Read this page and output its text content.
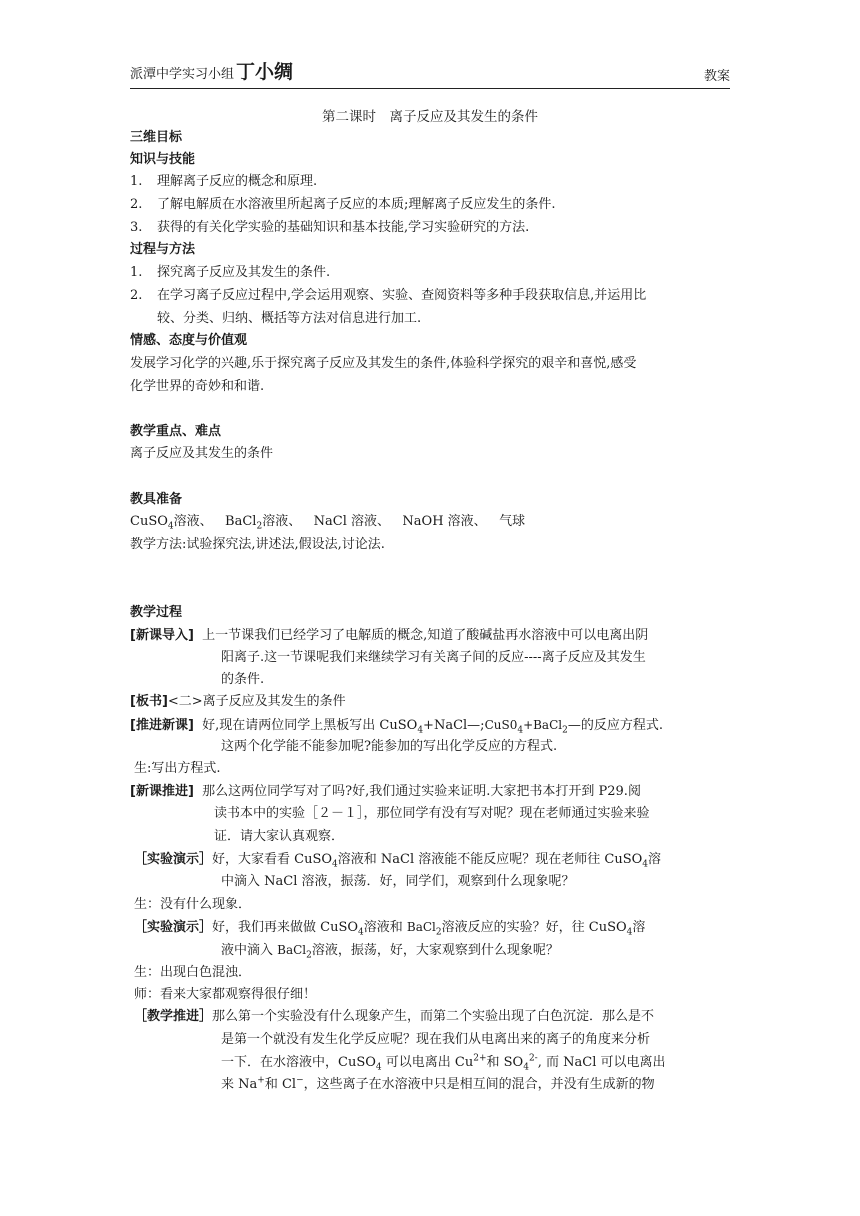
派潭中学实习小组 丁小绸	教案
第二课时　离子反应及其发生的条件
三维目标
知识与技能
1. 理解离子反应的概念和原理.
2. 了解电解质在水溶液里所起离子反应的本质;理解离子反应发生的条件.
3. 获得的有关化学实验的基础知识和基本技能,学习实验研究的方法.
过程与方法
1. 探究离子反应及其发生的条件.
2. 在学习离子反应过程中,学会运用观察、实验、查阅资料等多种手段获取信息,并运用比
较、分类、归纳、概括等方法对信息进行加工.
情感、态度与价值观
发展学习化学的兴趣,乐于探究离子反应及其发生的条件,体验科学探究的艰辛和喜悦,感受
化学世界的奇妙和和谐.
教学重点、难点
离子反应及其发生的条件
教具准备
CuSO$_4$溶液、 BaCl$_2$溶液、 NaCl 溶液、 NaOH 溶液、 气球
教学方法:试验探究法,讲述法,假设法,讨论法.
教学过程
[新课导入] 上一节课我们已经学习了电解质的概念,知道了酸碱盐再水溶液中可以电离出阴
阳离子.这一节课呢我们来继续学习有关离子间的反应----离子反应及其发生
的条件.
[板书]<二>离子反应及其发生的条件
[推进新课] 好,现在请两位同学上黑板写出 $CuSO_4+NaCl—;CuS0_4+BaCl_2—$的反应方程式.
这两个化学能不能参加呢?能参加的写出化学反应的方程式.
生:写出方程式.
[新课推进] 那么这两位同学写对了吗?好,我们通过实验来证明.大家把书本打开到 P29.阅
读书本中的实验［２－１］，那位同学有没有写对呢？现在老师通过实验来验
证．请大家认真观察．
［实验演示］好，大家看看 CuSO$_4$溶液和 NaCl 溶液能不能反应呢？现在老师往 CuSO$_4$溶
中滴入 NaCl 溶液，振荡．好，同学们，观察到什么现象呢？
生：没有什么现象．
［实验演示］好，我们再来做做 CuSO$_4$溶液和 BaCl$_2$溶液反应的实验？好，往 CuSO$_4$溶
液中滴入 BaCl$_2$溶液，振荡，好，大家观察到什么现象呢？
生：出现白色混浊．
师：看来大家都观察得很仔细！
［教学推进］那么第一个实验没有什么现象产生，而第二个实验出现了白色沉淀．那么是不
是第一个就没有发生化学反应呢？现在我们从电离出来的离子的角度来分析
一下．在水溶液中，CuSO$_4$ 可以电离出 $Cu^{2+}$和 $SO_4^{2-}$, 而 NaCl 可以电离出
来 Na+和 Cl−，这些离子在水溶液中只是相互间的混合，并没有生成新的物
